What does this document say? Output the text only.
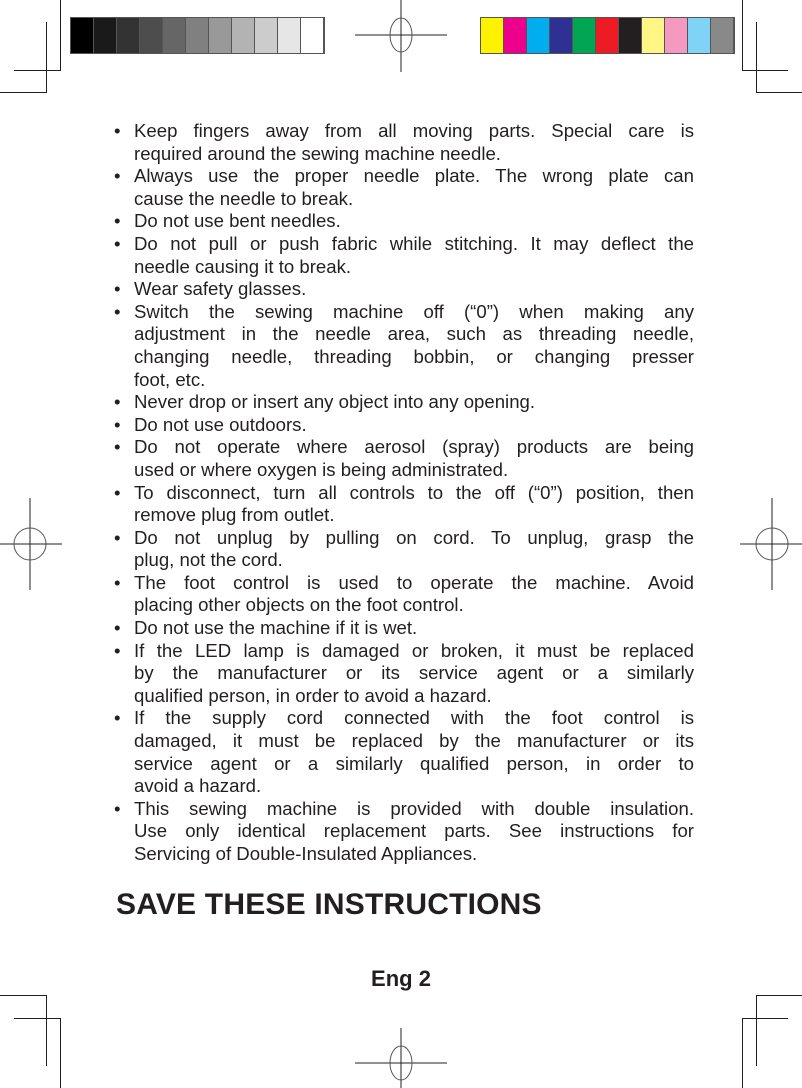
• Keep fingers away from all moving parts. Special care is
required around the sewing machine needle.
• Always use the proper needle plate. The wrong plate can
cause the needle to break.
• Do not use bent needles.
• Do not pull or push fabric while stitching. It may deflect the
needle causing it to break.
• Wear safety glasses.
• Switch the sewing machine off (“0”) when making any
adjustment in the needle area, such as threading needle,
changing needle, threading bobbin, or changing presser
foot, etc.
• Never drop or insert any object into any opening.
• Do not use outdoors.
• Do not operate where aerosol (spray) products are being
used or where oxygen is being administrated.
• To disconnect, turn all controls to the off (“0”) position, then
remove plug from outlet.
• Do not unplug by pulling on cord. To unplug, grasp the
plug, not the cord.
• The foot control is used to operate the machine. Avoid
placing other objects on the foot control.
• Do not use the machine if it is wet.
• If the LED lamp is damaged or broken, it must be replaced
by the manufacturer or its service agent or a similarly
qualified person, in order to avoid a hazard.
• If the supply cord connected with the foot control is
damaged, it must be replaced by the manufacturer or its
service agent or a similarly qualified person, in order to
avoid a hazard.
• This sewing machine is provided with double insulation.
Use only identical replacement parts. See instructions for
Servicing of Double-Insulated Appliances.
SAVE THESE INSTRUCTIONS
Eng 2
